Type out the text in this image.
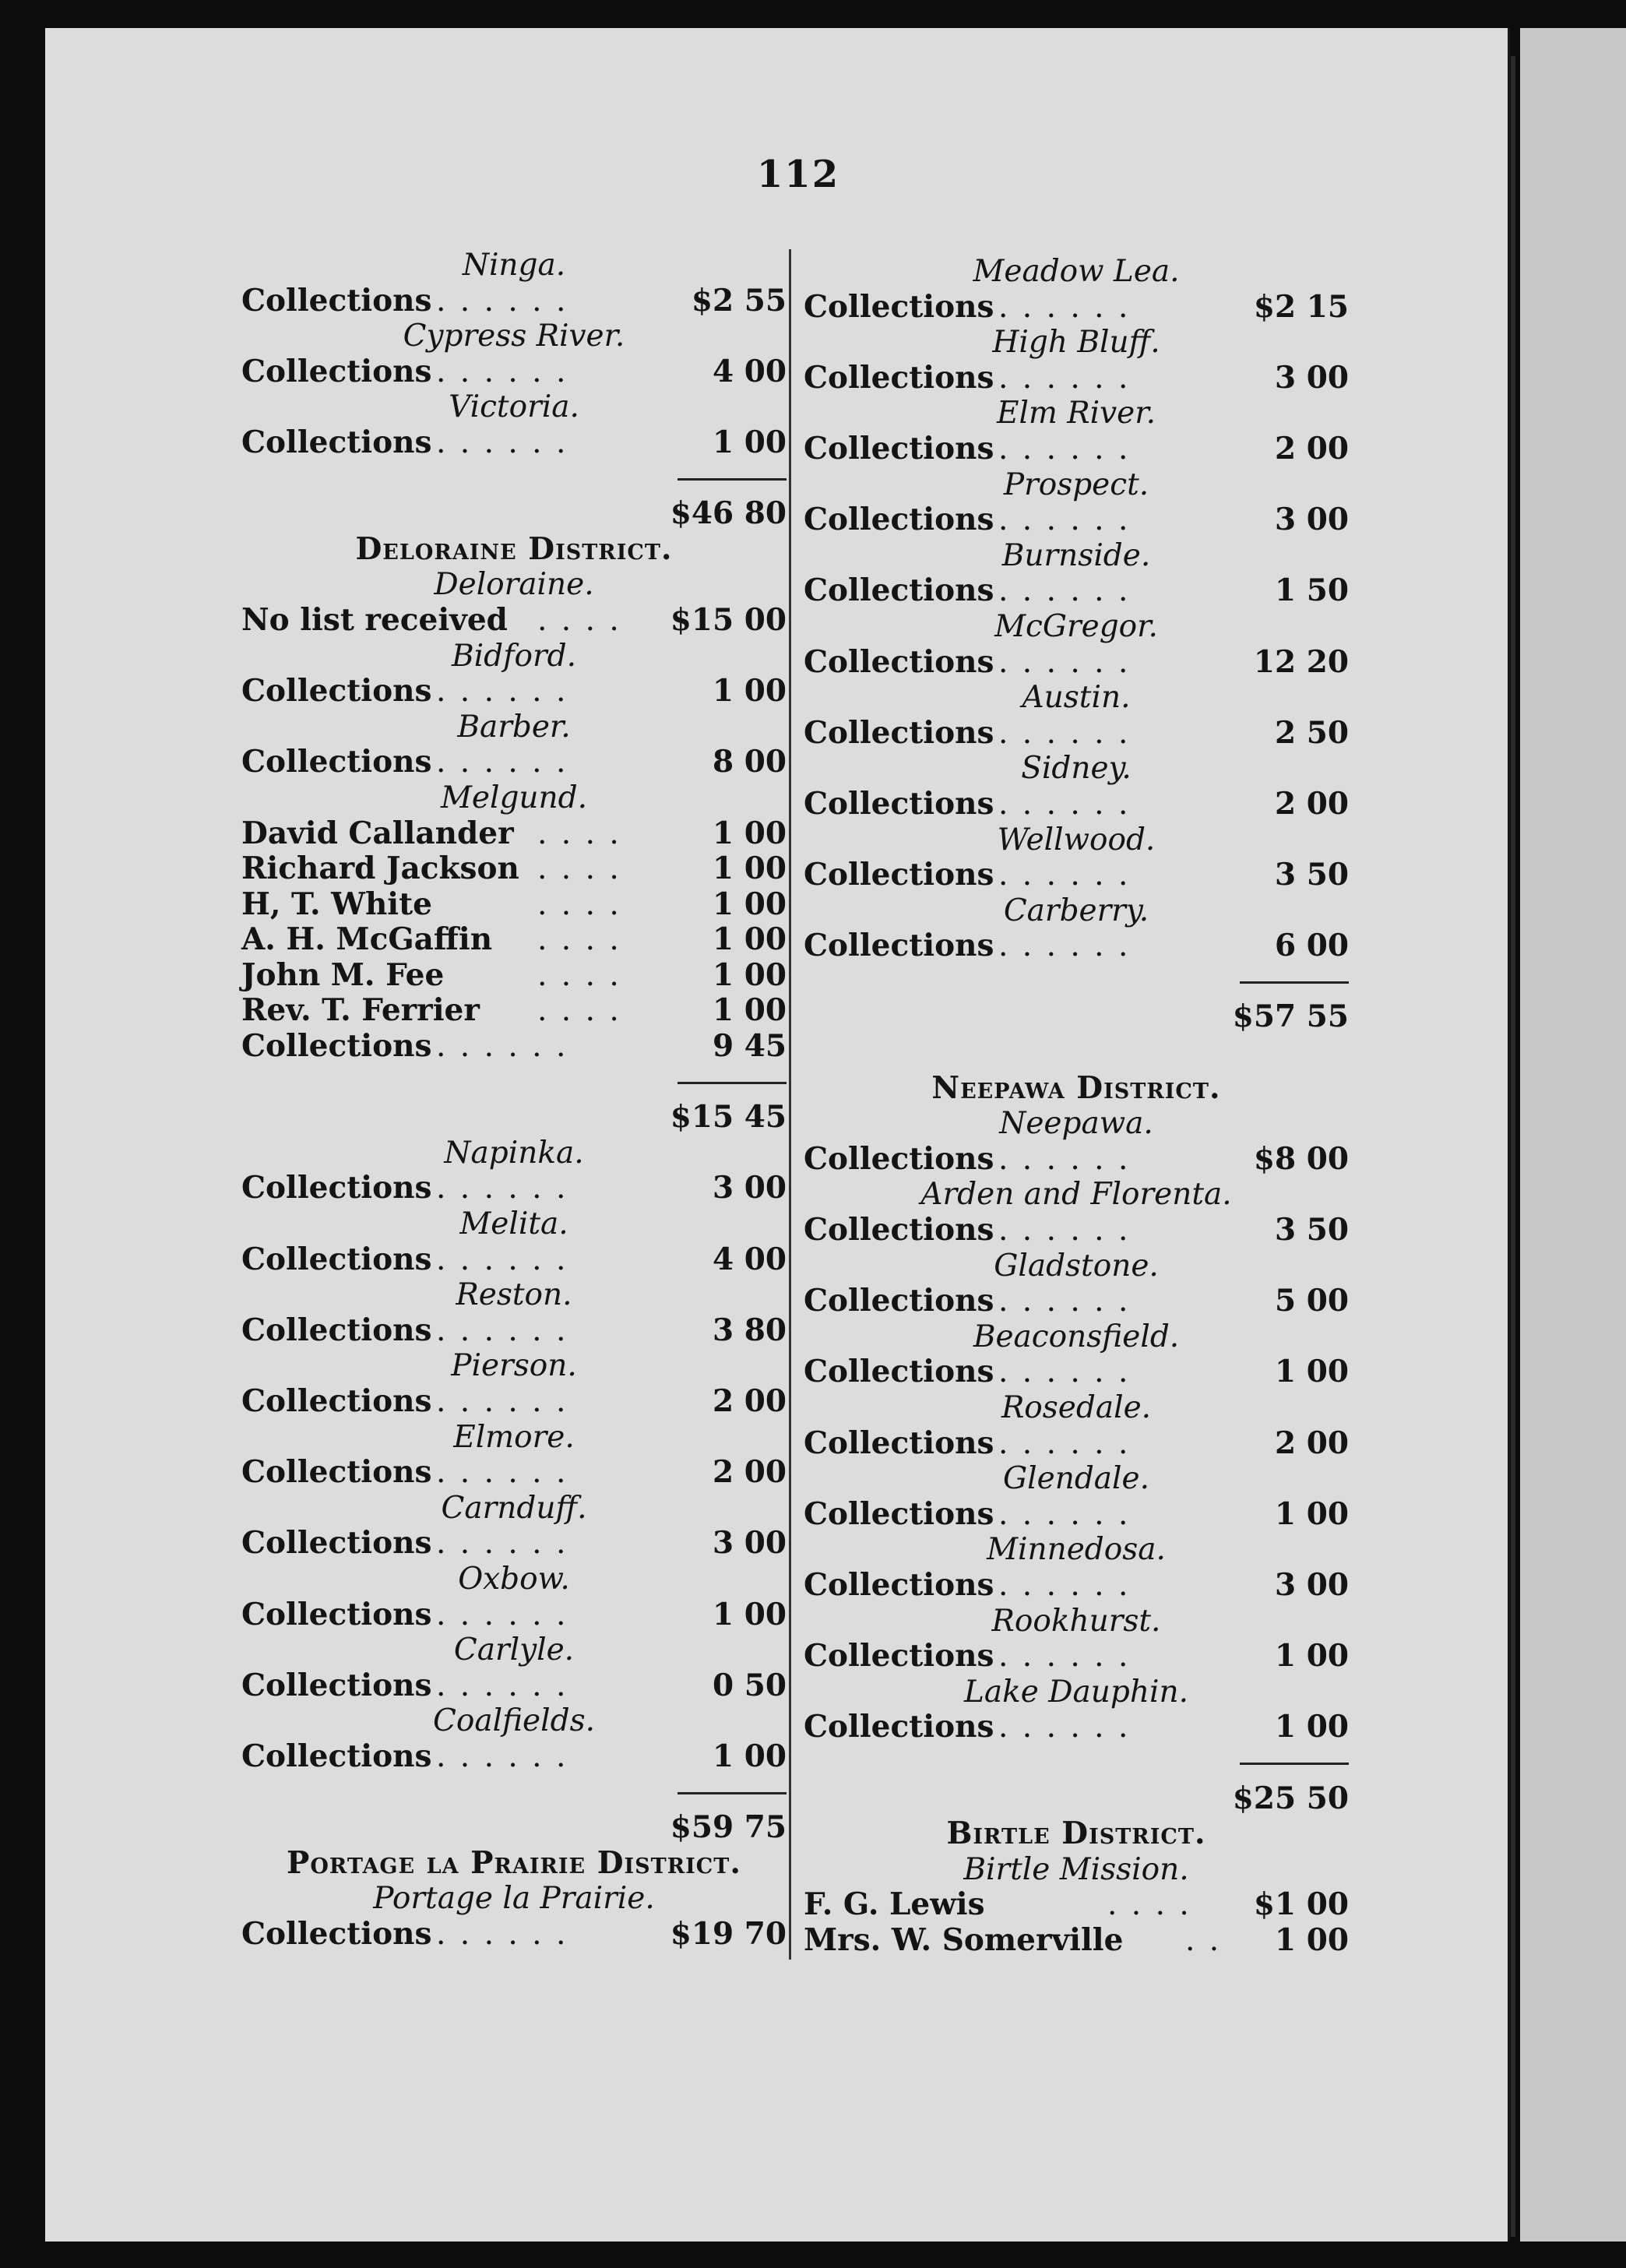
112
Ninga.
Collections . . . . . .	$2 55
Cypress River.
Collections . . . . . .	4 00
Victoria.
Collections . . . . . .	1 00
$46 80
Deloraine District.
Deloraine.
No list received . . . . $15 00
Bidford.
Collections . . . . . .	1 00
Barber.
Collections . . . . . .	8 00
Melgund.
David Callander . . . .	1 00
Richard Jackson . . . .	1 00
H, T. White	. . . .	1 00
A. H. McGaffin . . . .	1 00
John M. Fee	. . . .	1 00
Rev. T. Ferrier . . . .	1 00
Collections . . . . . .	9 45
$15 45
Napinka.
Collections . . . . . .	3 00
Melita.
Collections . . . . . .	4 00
Reston.
Collections . . . . . .	3 80
Pierson.
Collections . . . . . .	2 00
Elmore.
Collections . . . . . .	2 00
Carnduff.
Collections . . . . . .	3 00
Oxbow.
Collections . . . . . .	1 00
Carlyle.
Collections . . . . . .	0 50
Coalfields.
Collections . . . . . .	1 00
$59 75
Portage la Prairie District.
Portage la Prairie.
Collections . . . . . .	$19 70
Meadow Lea.
Collections . . . . . .	$2 15
High Bluff.
Collections . . . . . .	3 00
Elm River.
Collections . . . . . .	2 00
Prospect.
Collections . . . . . .	3 00
Burnside.
Collections . . . . . .	1 50
McGregor.
Collections . . . . . .	12 20
Austin.
Collections . . . . . .	2 50
Sidney.
Collections . . . . . .	2 00
Wellwood.
Collections . . . . . .	3 50
Carberry.
Collections . . . . . .	6 00
$57 55
Neepawa District.
Neepawa.
Collections . . . . . .	$8 00
Arden and Florenta.
Collections . . . . . .	3 50
Gladstone.
Collections . . . . . .	5 00
Beaconsfield.
Collections . . . . . .	1 00
Rosedale.
Collections . . . . . .	2 00
Glendale.
Collections . . . . . .	1 00
Minnedosa.
Collections . . . . . .	3 00
Rookhurst.
Collections . . . . . .	1 00
Lake Dauphin.
Collections . . . . . .	1 00
$25 50
Birtle District.
Birtle Mission.
F. G. Lewis	. . . .	$1 00
Mrs. W. Somerville . .	1 00
